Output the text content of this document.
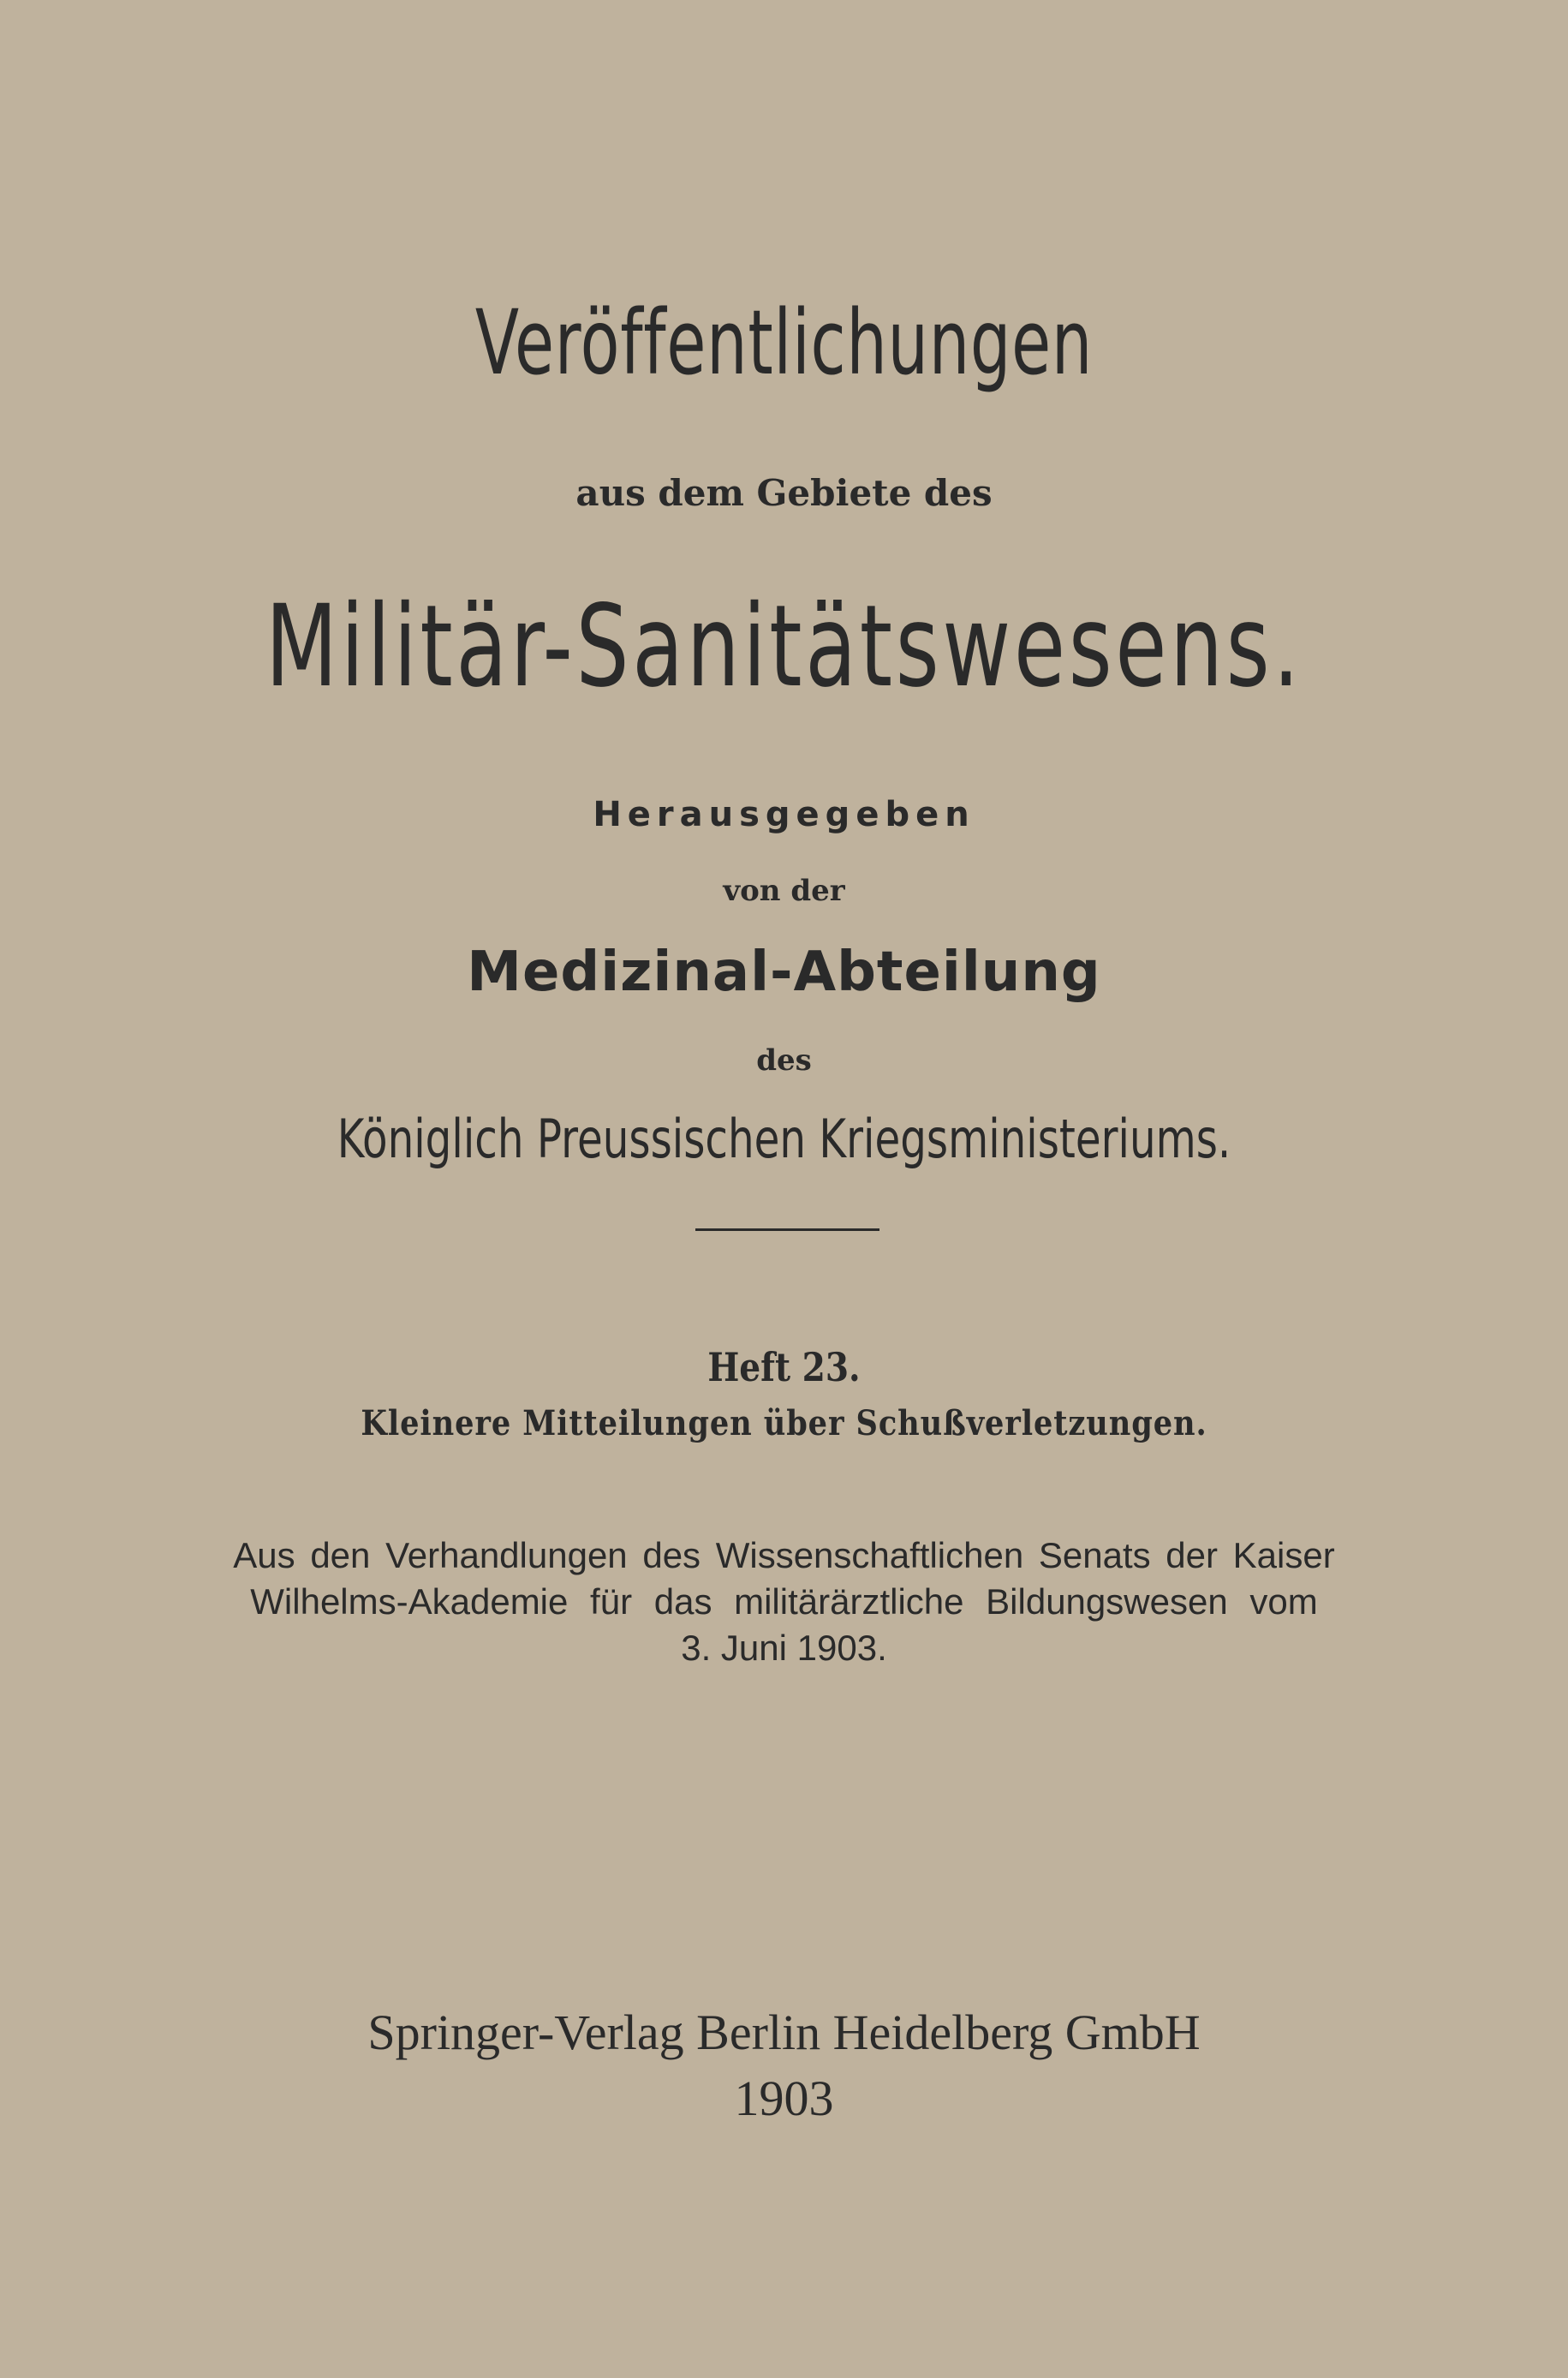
Veröffentlichungen
aus dem Gebiete des
Militär-Sanitätswesens.
Herausgegeben
von der
Medizinal-Abteilung
des
Königlich Preussischen Kriegsministeriums.
Heft 23.
Kleinere Mitteilungen über Schußverletzungen.
Aus den Verhandlungen des Wissenschaftlichen Senats der Kaiser
Wilhelms-Akademie für das militärärztliche Bildungswesen vom
3. Juni 1903.
Springer-Verlag Berlin Heidelberg GmbH
1903
